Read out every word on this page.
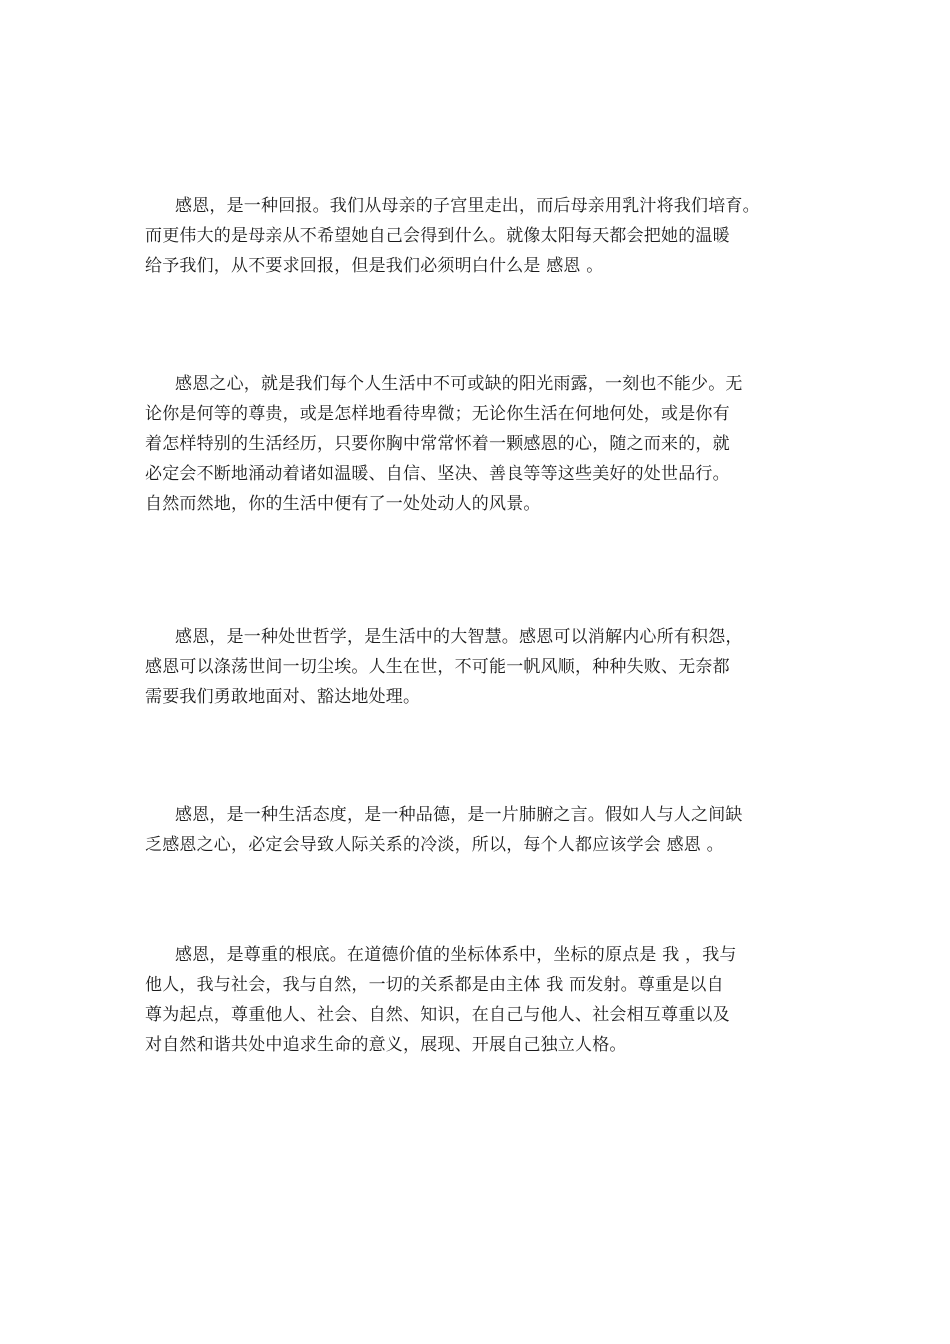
感恩，是一种回报。我们从母亲的子宫里走出，而后母亲用乳汁将我们培育。
而更伟大的是母亲从不希望她自己会得到什么。就像太阳每天都会把她的温暖
给予我们，从不要求回报，但是我们必须明白什么是 感恩 。

感恩之心，就是我们每个人生活中不可或缺的阳光雨露，一刻也不能少。无
论你是何等的尊贵，或是怎样地看待卑微；无论你生活在何地何处，或是你有
着怎样特别的生活经历，只要你胸中常常怀着一颗感恩的心，随之而来的，就
必定会不断地涌动着诸如温暖、自信、坚决、善良等等这些美好的处世品行。
自然而然地，你的生活中便有了一处处动人的风景。

感恩，是一种处世哲学，是生活中的大智慧。感恩可以消解内心所有积怨，
感恩可以涤荡世间一切尘埃。人生在世，不可能一帆风顺，种种失败、无奈都
需要我们勇敢地面对、豁达地处理。

感恩，是一种生活态度，是一种品德，是一片肺腑之言。假如人与人之间缺
乏感恩之心，必定会导致人际关系的冷淡，所以，每个人都应该学会 感恩 。

感恩，是尊重的根底。在道德价值的坐标体系中，坐标的原点是 我 ，我与
他人，我与社会，我与自然，一切的关系都是由主体 我 而发射。尊重是以自
尊为起点，尊重他人、社会、自然、知识，在自己与他人、社会相互尊重以及
对自然和谐共处中追求生命的意义，展现、开展自己独立人格。
